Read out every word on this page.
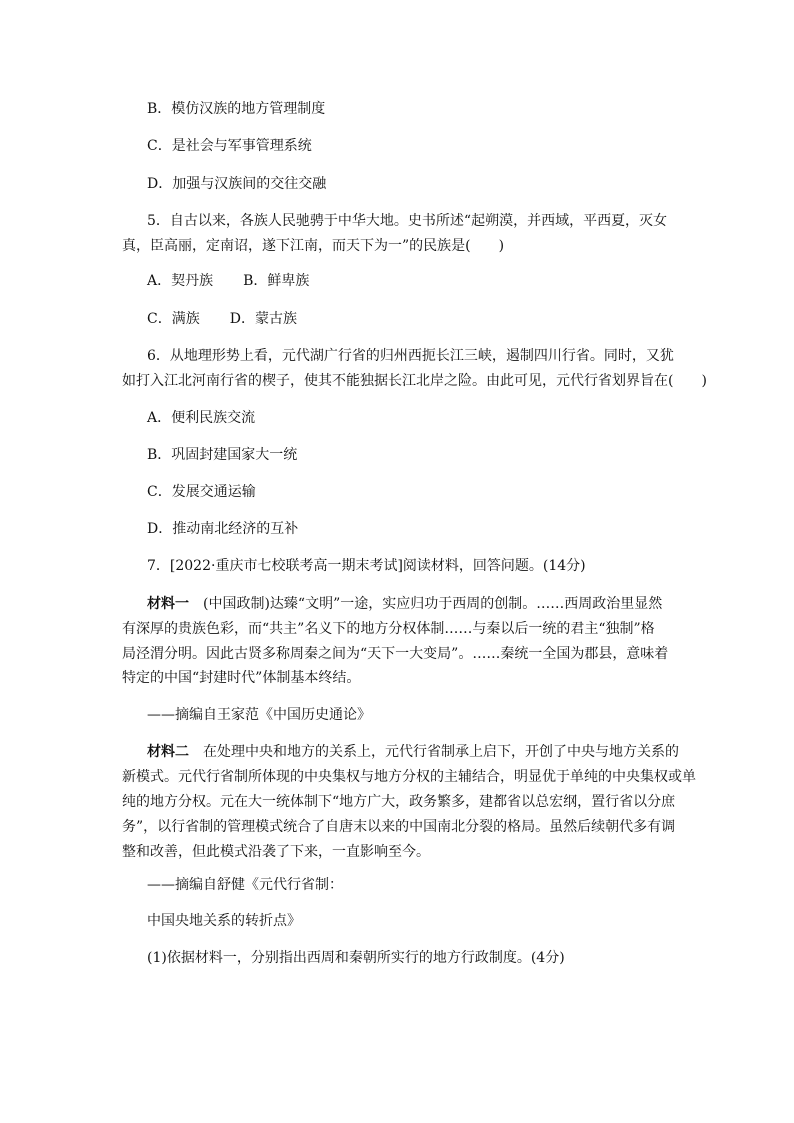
B．模仿汉族的地方管理制度
C．是社会与军事管理系统
D．加强与汉族间的交往交融
5．自古以来，各族人民驰骋于中华大地。史书所述“起朔漠，并西域，平西夏，灭女
真，臣高丽，定南诏，遂下江南，而天下为一”的民族是(　　)
A．契丹族 B．鲜卑族
C．满族 D．蒙古族
6．从地理形势上看，元代湖广行省的归州西扼长江三峡，遏制四川行省。同时，又犹
如打入江北河南行省的楔子，使其不能独据长江北岸之险。由此可见，元代行省划界旨在(　　)
A．便利民族交流
B．巩固封建国家大一统
C．发展交通运输
D．推动南北经济的互补
7．[2022·重庆市七校联考高一期末考试]阅读材料，回答问题。(14分)
材料一　(中国政制)达臻“文明”一途，实应归功于西周的创制。……西周政治里显然
有深厚的贵族色彩，而“共主”名义下的地方分权体制……与秦以后一统的君主“独制”格
局泾渭分明。因此古贤多称周秦之间为“天下一大变局”。……秦统一全国为郡县，意味着
特定的中国“封建时代”体制基本终结。
——摘编自王家范《中国历史通论》
材料二　在处理中央和地方的关系上，元代行省制承上启下，开创了中央与地方关系的
新模式。元代行省制所体现的中央集权与地方分权的主辅结合，明显优于单纯的中央集权或单
纯的地方分权。元在大一统体制下“地方广大，政务繁多，建都省以总宏纲，置行省以分庶
务”，以行省制的管理模式统合了自唐末以来的中国南北分裂的格局。虽然后续朝代多有调
整和改善，但此模式沿袭了下来，一直影响至今。
——摘编自舒健《元代行省制：
中国央地关系的转折点》
(1)依据材料一，分别指出西周和秦朝所实行的地方行政制度。(4分)
